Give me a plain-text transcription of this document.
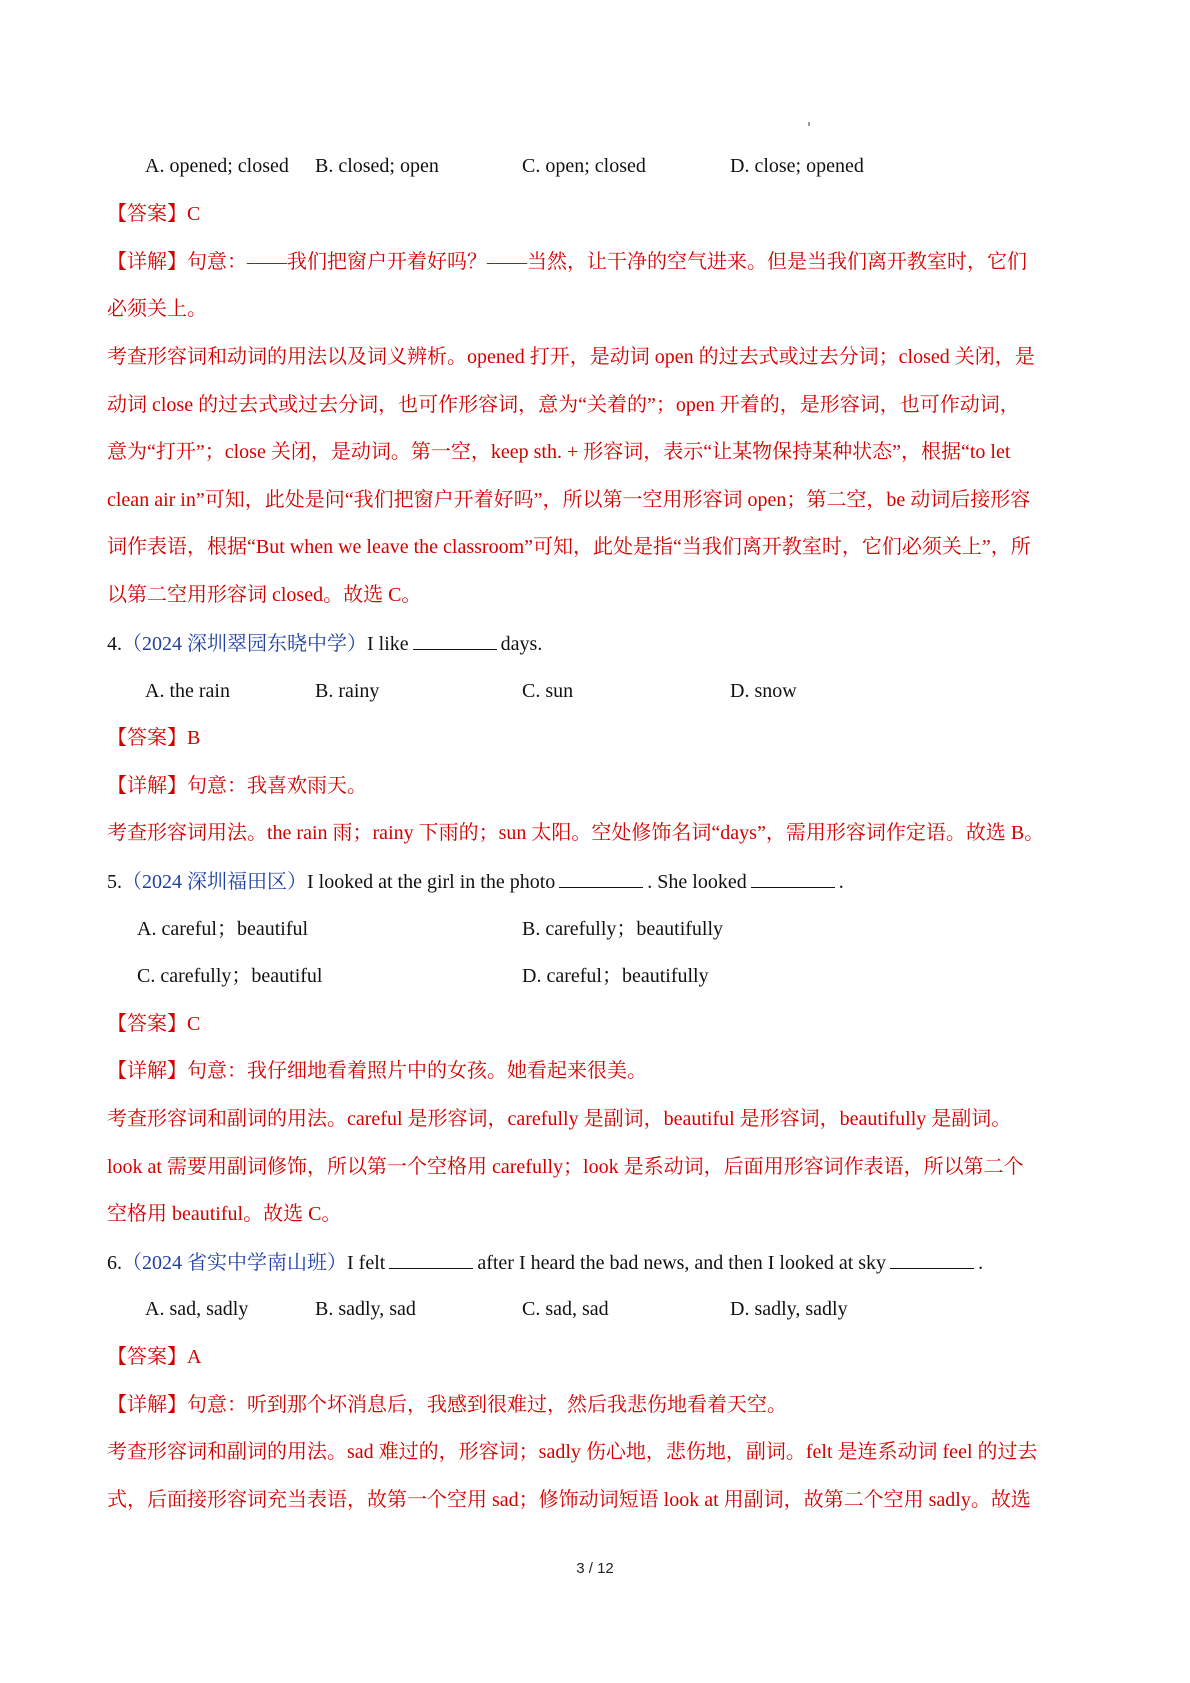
A. opened; closed B. closed; open	C. open; closed	D. close; opened
【答案】C
【详解】句意：——我们把窗户开着好吗？——当然，让干净的空气进来。但是当我们离开教室时，它们
必须关上。
考查形容词和动词的用法以及词义辨析。opened 打开，是动词 open 的过去式或过去分词；closed 关闭，是
动词 close 的过去式或过去分词，也可作形容词，意为“关着的”；open 开着的，是形容词，也可作动词，
意为“打开”；close 关闭，是动词。第一空，keep sth. + 形容词，表示“让某物保持某种状态”，根据“to let
clean air in”可知，此处是问“我们把窗户开着好吗”，所以第一空用形容词 open；第二空，be 动词后接形容
词作表语，根据“But when we leave the classroom”可知，此处是指“当我们离开教室时，它们必须关上”，所
以第二空用形容词 closed。故选 C。
4.（2024 深圳翠园东晓中学）I like	days.
A. the rain	B. rainy	C. sun	D. snow
【答案】B
【详解】句意：我喜欢雨天。
考查形容词用法。the rain 雨；rainy 下雨的；sun 太阳。空处修饰名词“days”，需用形容词作定语。故选 B。
5.（2024 深圳福田区）I looked at the girl in the photo	. She looked	.
A. careful；beautiful	B. carefully；beautifully
C. carefully；beautiful	D. careful；beautifully
【答案】C
【详解】句意：我仔细地看着照片中的女孩。她看起来很美。
考查形容词和副词的用法。careful 是形容词，carefully 是副词，beautiful 是形容词，beautifully 是副词。
look at 需要用副词修饰，所以第一个空格用 carefully；look 是系动词，后面用形容词作表语，所以第二个
空格用 beautiful。故选 C。
6.（2024 省实中学南山班）I felt	after I heard the bad news, and then I looked at sky	.
A. sad, sadly	B. sadly, sad	C. sad, sad	D. sadly, sadly
【答案】A
【详解】句意：听到那个坏消息后，我感到很难过，然后我悲伤地看着天空。
考查形容词和副词的用法。sad 难过的，形容词；sadly 伤心地，悲伤地，副词。felt 是连系动词 feel 的过去
式，后面接形容词充当表语，故第一个空用 sad；修饰动词短语 look at 用副词，故第二个空用 sadly。故选
3 / 12
